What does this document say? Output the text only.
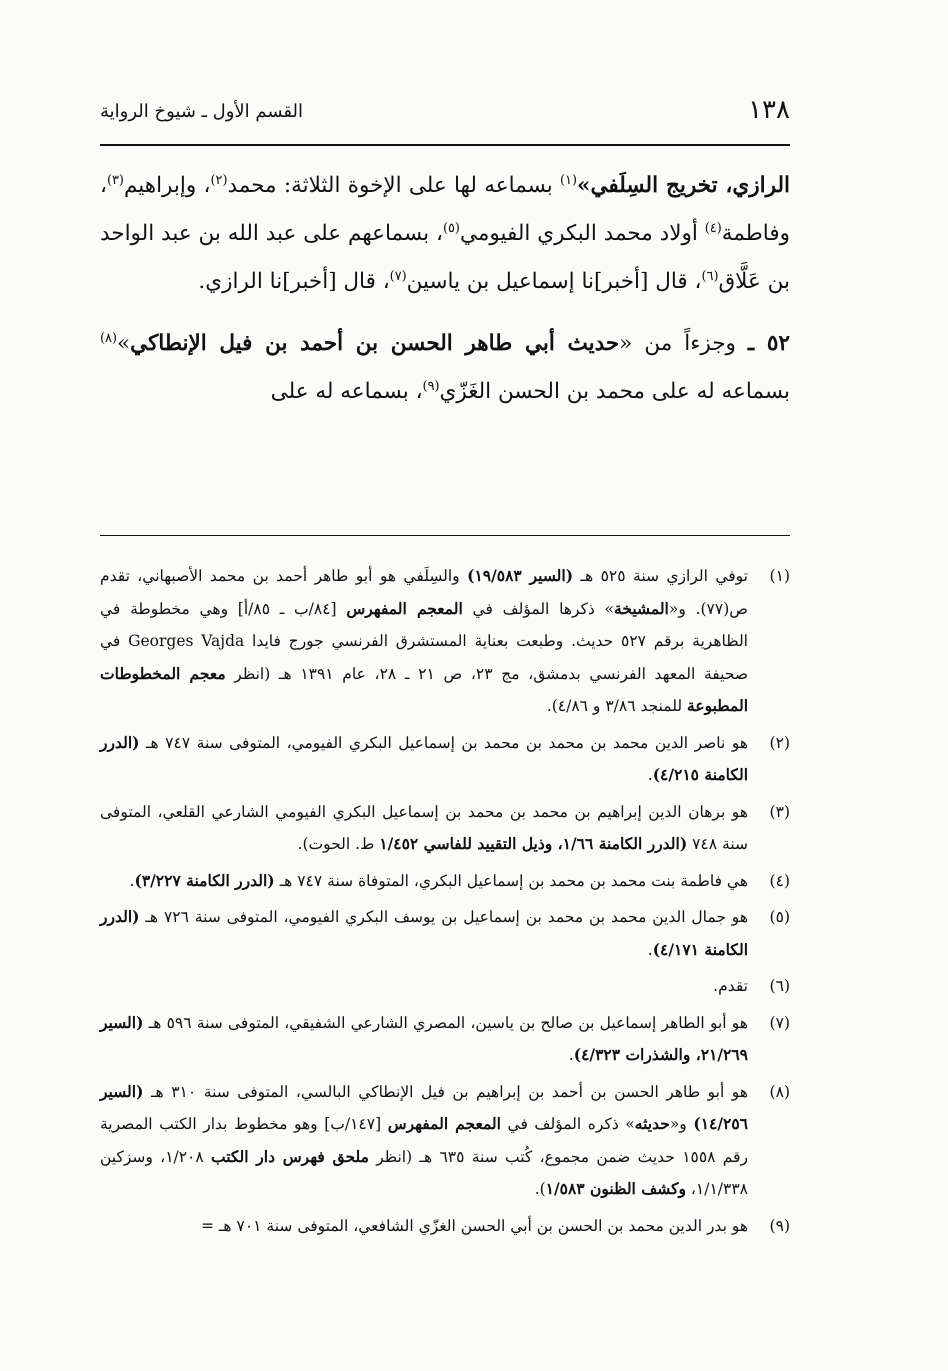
١٣٨
القسم الأول ـ شيوخ الرواية

الرازي، تخريج السِلَفي»$^{(١)}$ بسماعه لها على الإخوة الثلاثة: محمد$^{(٢)}$، وإبراهيم$^{(٣)}$، وفاطمة$^{(٤)}$ أولاد محمد البكري الفيومي$^{(٥)}$، بسماعهم على عبد الله بن عبد الواحد بن عَلَّاق$^{(٦)}$، قال [أخبر]نا إسماعيل بن ياسين$^{(٧)}$، قال [أخبر]نا الرازي.

٥٢ ـ وجزءاً من «حديث أبي طاهر الحسن بن أحمد بن فيل الإنطاكي»$^{(٨)}$ بسماعه له على محمد بن الحسن الغَزّي$^{(٩)}$، بسماعه له على

(١)
توفي الرازي سنة ٥٢٥ هـ (السير ١٩/٥٨٣) والسِلَفي هو أبو طاهر أحمد بن محمد الأصبهاني، تقدم ص(٧٧). و«المشيخة» ذكرها المؤلف في المعجم المفهرس [٨٤/ب ـ ٨٥/أ] وهي مخطوطة في الظاهرية برقم ٥٢٧ حديث. وطبعت بعناية المستشرق الفرنسي جورج فايدا Georges Vajda في صحيفة المعهد الفرنسي بدمشق، مج ٢٣، ص ٢١ ـ ٢٨، عام ١٣٩١ هـ (انظر معجم المخطوطات المطبوعة للمنجد ٣/٨٦ و ٤/٨٦).
(٢)
هو ناصر الدين محمد بن محمد بن محمد بن إسماعيل البكري الفيومي، المتوفى سنة ٧٤٧ هـ (الدرر الكامنة ٤/٢١٥).
(٣)
هو برهان الدين إبراهيم بن محمد بن محمد بن إسماعيل البكري الفيومي الشارعي القلعي، المتوفى سنة ٧٤٨ (الدرر الكامنة ١/٦٦، وذيل التقييد للفاسي ١/٤٥٢ ط. الحوت).
(٤)
هي فاطمة بنت محمد بن محمد بن إسماعيل البكري، المتوفاة سنة ٧٤٧ هـ (الدرر الكامنة ٣/٢٢٧).
(٥)
هو جمال الدين محمد بن محمد بن إسماعيل بن يوسف البكري الفيومي، المتوفى سنة ٧٢٦ هـ (الدرر الكامنة ٤/١٧١).
(٦)
تقدم.
(٧)
هو أبو الطاهر إسماعيل بن صالح بن ياسين، المصري الشارعي الشفيقي، المتوفى سنة ٥٩٦ هـ (السير ٢١/٢٦٩، والشذرات ٤/٣٢٣).
(٨)
هو أبو طاهر الحسن بن أحمد بن إبراهيم بن فيل الإنطاكي البالسي، المتوفى سنة ٣١٠ هـ (السير ١٤/٢٥٦) و«حديثه» ذكره المؤلف في المعجم المفهرس [١٤٧/ب] وهو مخطوط بدار الكتب المصرية رقم ١٥٥٨ حديث ضمن مجموع، كُتب سنة ٦٣٥ هـ (انظر ملحق فهرس دار الكتب ١/٢٠٨، وسزكين ١/١/٣٣٨، وكشف الظنون ١/٥٨٣).
(٩)
هو بدر الدين محمد بن الحسن بن أبي الحسن الغزّي الشافعي، المتوفى سنة ٧٠١ هـ =
